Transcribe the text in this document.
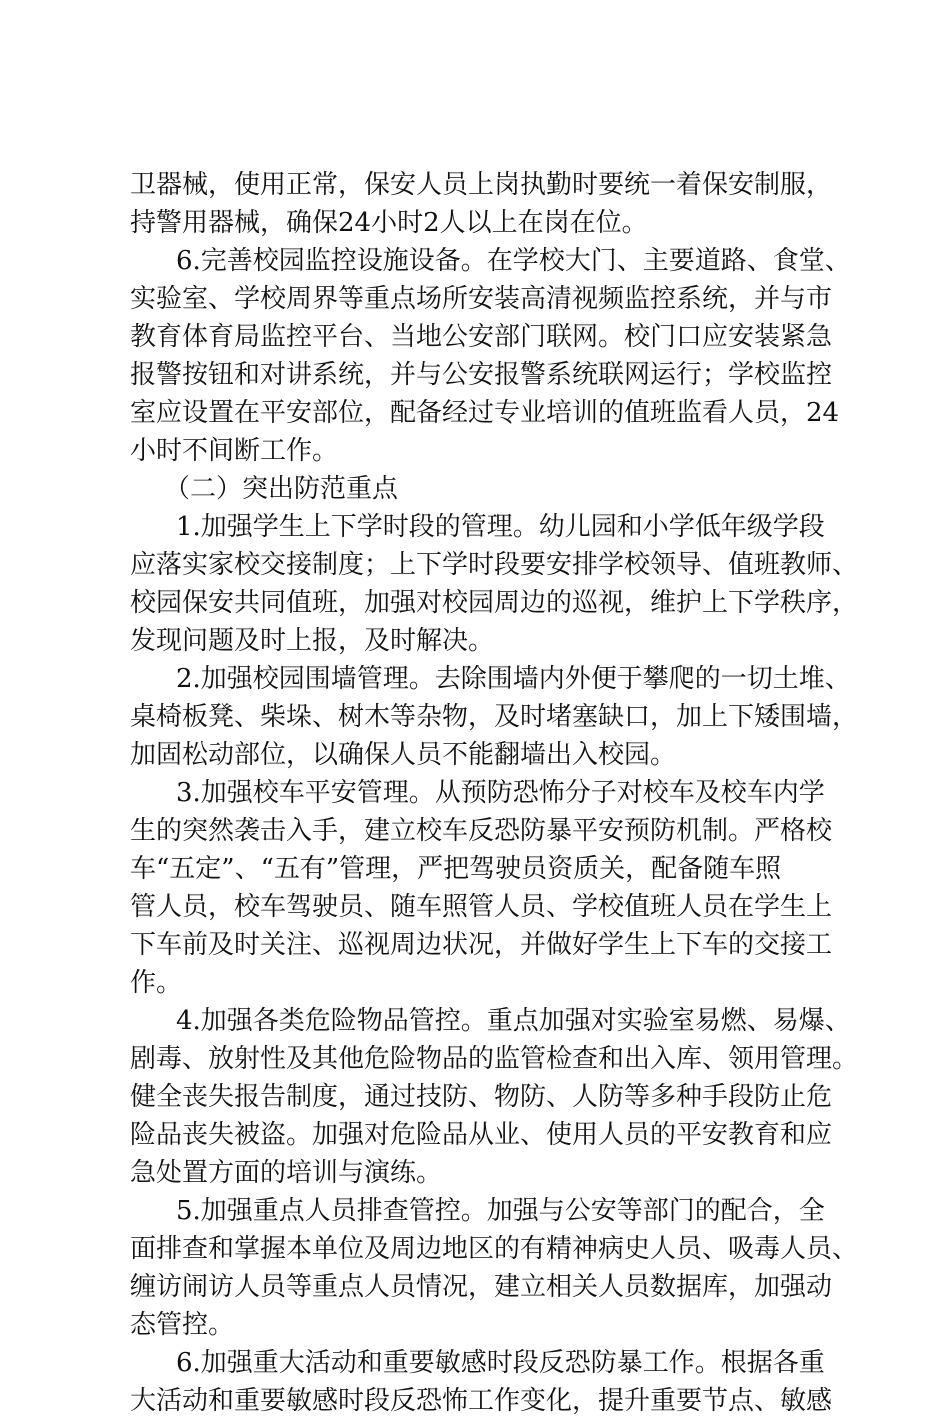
卫器械，使用正常，保安人员上岗执勤时要统一着保安制服，
持警用器械，确保24小时2人以上在岗在位。
6.完善校园监控设施设备。在学校大门、主要道路、食堂、
实验室、学校周界等重点场所安装高清视频监控系统，并与市
教育体育局监控平台、当地公安部门联网。校门口应安装紧急
报警按钮和对讲系统，并与公安报警系统联网运行；学校监控
室应设置在平安部位，配备经过专业培训的值班监看人员，24
小时不间断工作。
（二）突出防范重点
1.加强学生上下学时段的管理。幼儿园和小学低年级学段
应落实家校交接制度；上下学时段要安排学校领导、值班教师、
校园保安共同值班，加强对校园周边的巡视，维护上下学秩序，
发现问题及时上报，及时解决。
2.加强校园围墙管理。去除围墙内外便于攀爬的一切土堆、
桌椅板凳、柴垛、树木等杂物，及时堵塞缺口，加上下矮围墙，
加固松动部位，以确保人员不能翻墙出入校园。
3.加强校车平安管理。从预防恐怖分子对校车及校车内学
生的突然袭击入手，建立校车反恐防暴平安预防机制。严格校
车“五定”、“五有”管理，严把驾驶员资质关，配备随车照
管人员，校车驾驶员、随车照管人员、学校值班人员在学生上
下车前及时关注、巡视周边状况，并做好学生上下车的交接工
作。
4.加强各类危险物品管控。重点加强对实验室易燃、易爆、
剧毒、放射性及其他危险物品的监管检查和出入库、领用管理。
健全丧失报告制度，通过技防、物防、人防等多种手段防止危
险品丧失被盗。加强对危险品从业、使用人员的平安教育和应
急处置方面的培训与演练。
5.加强重点人员排查管控。加强与公安等部门的配合，全
面排查和掌握本单位及周边地区的有精神病史人员、吸毒人员、
缠访闹访人员等重点人员情况，建立相关人员数据库，加强动
态管控。
6.加强重大活动和重要敏感时段反恐防暴工作。根据各重
大活动和重要敏感时段反恐怖工作变化，提升重要节点、敏感
